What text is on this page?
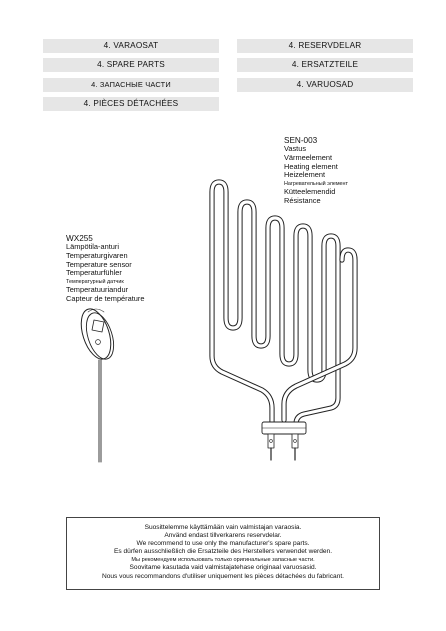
4. VARAOSAT
4. SPARE PARTS
4. ЗАПАСНЫЕ ЧАСТИ
4. PIÈCES DÉTACHÉES
4. RESERVDELAR
4. ERSATZTEILE
4. VARUOSAD
SEN-003
Vastus
Värmeelement
Heating element
Heizelement
Нагревательный элемент
Kütteelemendid
Résistance
WX255
Lämpötila-anturi
Temperaturgivaren
Temperature sensor
Temperaturfühler
Температурный датчик
Temperatuuriandur
Capteur de température
Suosittelemme käyttämään vain valmistajan varaosia.
Använd endast tillverkarens reservdelar.
We recommend to use only the manufacturer's spare parts.
Es dürfen ausschließlich die Ersatzteile des Herstellers verwendet werden.
Мы рекомендуем использовать только оригинальные запасные части.
Soovitame kasutada vaid valmistajatehase originaal varuosasid.
Nous vous recommandons d'utiliser uniquement les pièces détachées du fabricant.
